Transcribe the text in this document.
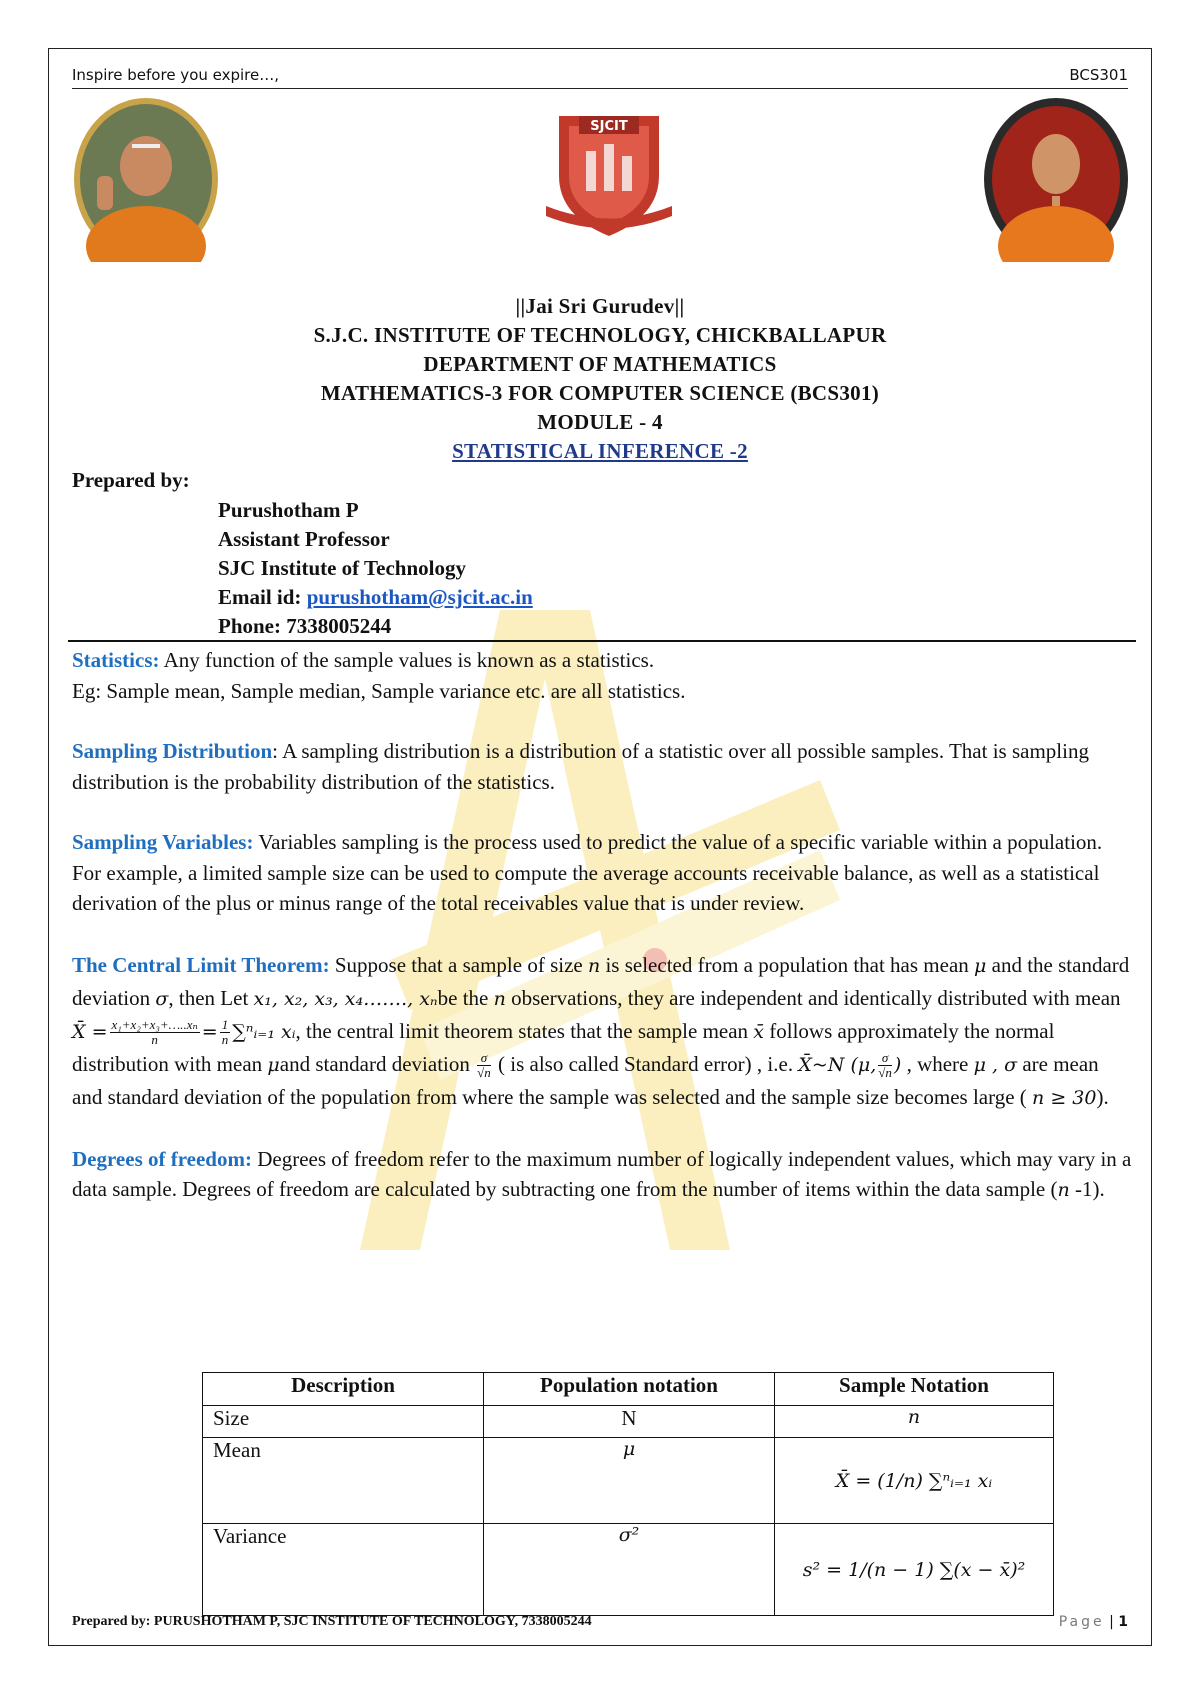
Inspire before you expire…,	BCS301
SJCIT
||Jai Sri Gurudev||
S.J.C. INSTITUTE OF TECHNOLOGY, CHICKBALLAPUR
DEPARTMENT OF MATHEMATICS
MATHEMATICS-3 FOR COMPUTER SCIENCE (BCS301)
MODULE - 4
STATISTICAL INFERENCE -2
Prepared by:
Purushotham P
Assistant Professor
SJC Institute of Technology
Email id: purushotham@sjcit.ac.in
Phone: 7338005244

Statistics: Any function of the sample values is known as a statistics.

Eg: Sample mean, Sample median, Sample variance etc. are all statistics.

Sampling Distribution: A sampling distribution is a distribution of a statistic over all possible samples. That is sampling distribution is the probability distribution of the statistics.

Sampling Variables: Variables sampling is the process used to predict the value of a specific variable within a population. For example, a limited sample size can be used to compute the average accounts receivable balance, as well as a statistical derivation of the plus or minus range of the total receivables value that is under review.

The Central Limit Theorem: Suppose that a sample of size n is selected from a population that has mean μ and the standard deviation σ, then Let x₁, x₂, x₃, x₄……., xₙbe the n observations, they are independent and identically distributed with mean X̄ = $\frac{\text{x₁+x₂+x₃+…..xₙ}}{n} = \frac{1}{n}$ ∑ⁿᵢ₌₁ xᵢ, the central limit theorem states that the sample mean x̄ follows approximately the normal distribution with mean μand standard deviation $\frac{\sigma}{√n}$ ( is also called Standard error) , i.e. X̄~N (μ, $\frac{\sigma}{√n}$ ) , where μ , σ are mean and standard deviation of the population from where the sample was selected and the sample size becomes large ( n ≥ 30).

Degrees of freedom: Degrees of freedom refer to the maximum number of logically independent values, which may vary in a data sample. Degrees of freedom are calculated by subtracting one from the number of items within the data sample (n -1).

Description	Population notation	Sample Notation
Size	N	n
Mean	μ	X̄ = (1/n) ∑ⁿᵢ₌₁ xᵢ
Variance	σ²	s² = 1/(n − 1) ∑(x − x̄)²
Prepared by: PURUSHOTHAM P, SJC INSTITUTE OF TECHNOLOGY, 7338005244	Page | 1
